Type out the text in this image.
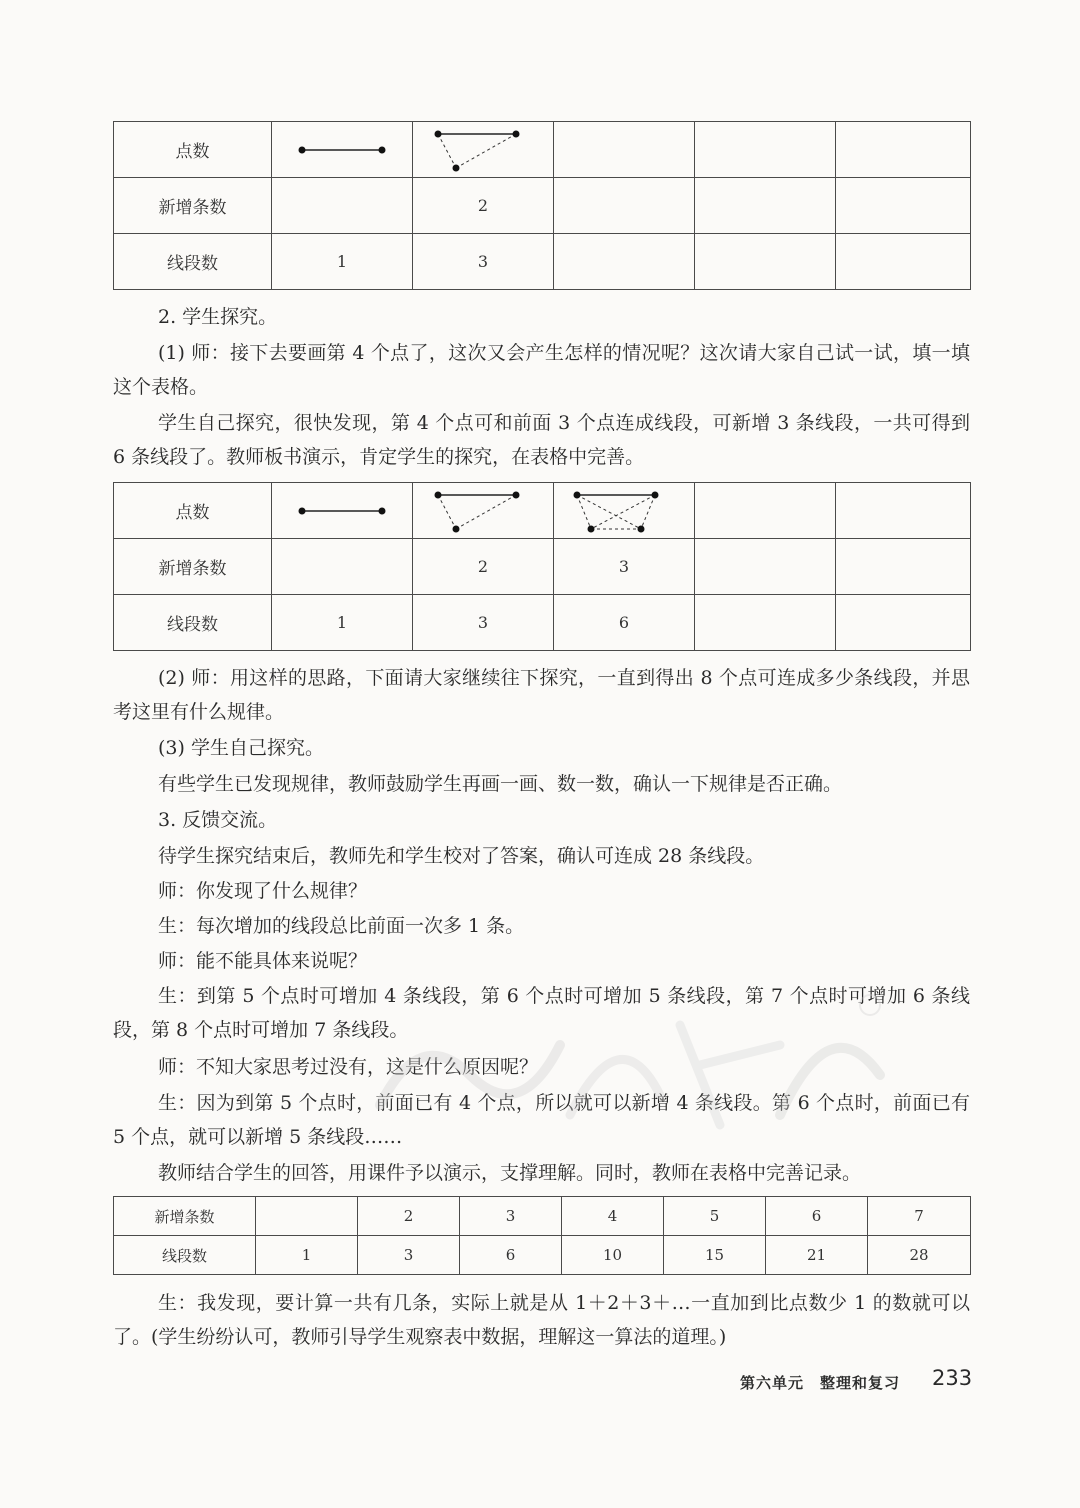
点数	

新增条数		2			
线段数	1	3			

2. 学生探究。

(1) 师：接下去要画第 4 个点了，这次又会产生怎样的情况呢？这次请大家自己试一试，填一填这个表格。

学生自己探究，很快发现，第 4 个点可和前面 3 个点连成线段，可新增 3 条线段，一共可得到 6 条线段了。教师板书演示，肯定学生的探究，在表格中完善。

点数	

新增条数		2	3		
线段数	1	3	6		

(2) 师：用这样的思路，下面请大家继续往下探究，一直到得出 8 个点可连成多少条线段，并思考这里有什么规律。

(3) 学生自己探究。

有些学生已发现规律，教师鼓励学生再画一画、数一数，确认一下规律是否正确。

3. 反馈交流。

待学生探究结束后，教师先和学生校对了答案，确认可连成 28 条线段。

师：你发现了什么规律？

生：每次增加的线段总比前面一次多 1 条。

师：能不能具体来说呢？

生：到第 5 个点时可增加 4 条线段，第 6 个点时可增加 5 条线段，第 7 个点时可增加 6 条线段，第 8 个点时可增加 7 条线段。

师：不知大家思考过没有，这是什么原因呢？

生：因为到第 5 个点时，前面已有 4 个点，所以就可以新增 4 条线段。第 6 个点时，前面已有 5 个点，就可以新增 5 条线段……

教师结合学生的回答，用课件予以演示，支撑理解。同时，教师在表格中完善记录。

新增条数		2	3	4	5	6	7
线段数	1	3	6	10	15	21	28

生：我发现，要计算一共有几条，实际上就是从 1＋2＋3＋…一直加到比点数少 1 的数就可以了。(学生纷纷认可，教师引导学生观察表中数据，理解这一算法的道理。)

第六单元　整理和复习 233
